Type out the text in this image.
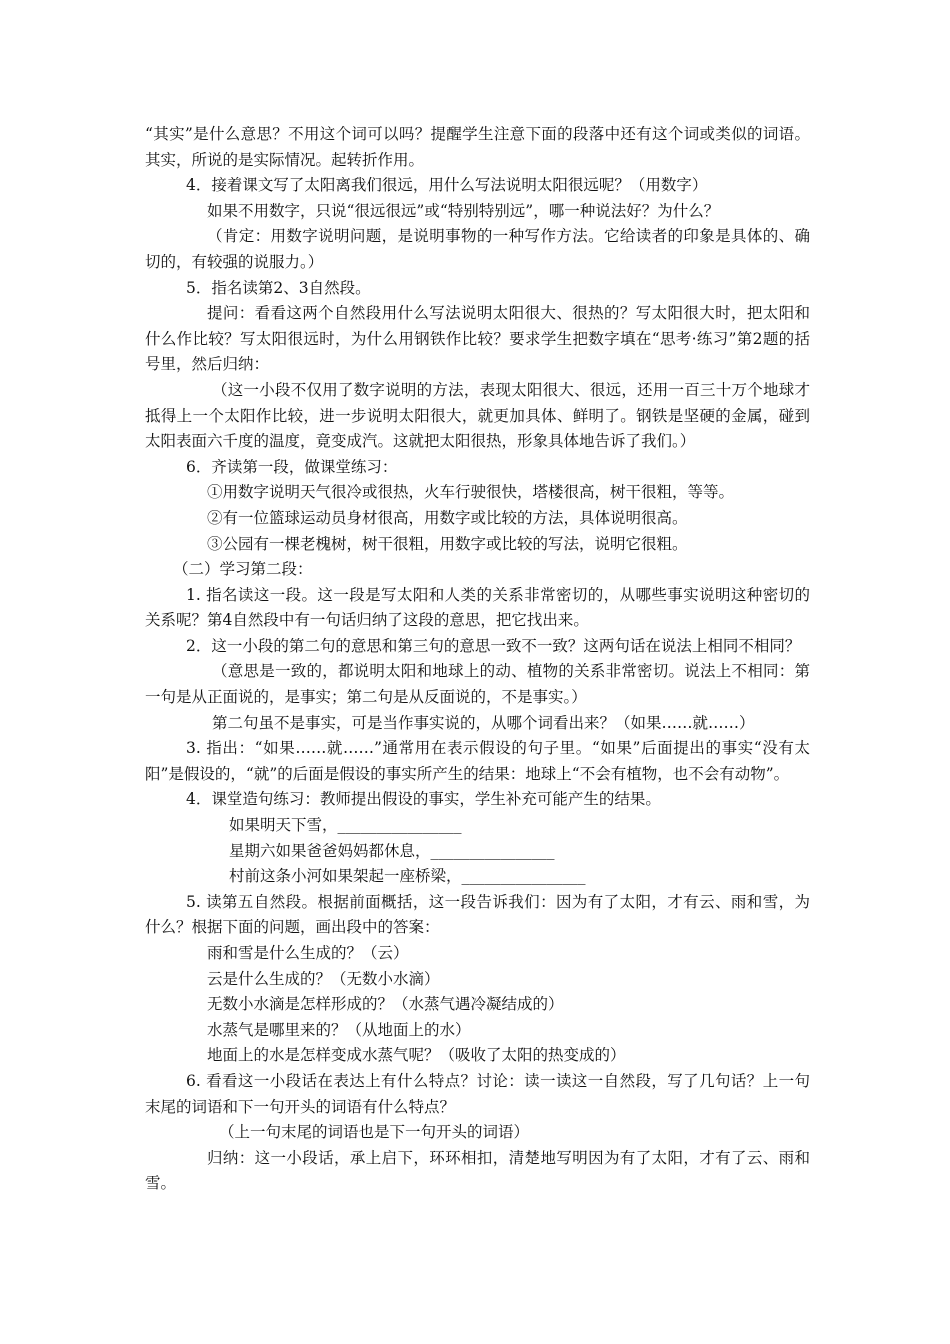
“其实”是什么意思？不用这个词可以吗？提醒学生注意下面的段落中还有这个词或类似的词语。其实，所说的是实际情况。起转折作用。

4．接着课文写了太阳离我们很远，用什么写法说明太阳很远呢？（用数字）

如果不用数字，只说“很远很远”或“特别特别远”，哪一种说法好？为什么？

（肯定：用数字说明问题，是说明事物的一种写作方法。它给读者的印象是具体的、确切的，有较强的说服力。）

5．指名读第2、3自然段。

提问：看看这两个自然段用什么写法说明太阳很大、很热的？写太阳很大时，把太阳和什么作比较？写太阳很远时，为什么用钢铁作比较？要求学生把数字填在“思考·练习”第2题的括号里，然后归纳：

（这一小段不仅用了数字说明的方法，表现太阳很大、很远，还用一百三十万个地球才抵得上一个太阳作比较，进一步说明太阳很大，就更加具体、鲜明了。钢铁是坚硬的金属，碰到太阳表面六千度的温度，竟变成汽。这就把太阳很热，形象具体地告诉了我们。）

6．齐读第一段，做课堂练习：

①用数字说明天气很冷或很热，火车行驶很快，塔楼很高，树干很粗，等等。

②有一位篮球运动员身材很高，用数字或比较的方法，具体说明很高。

③公园有一棵老槐树，树干很粗，用数字或比较的写法，说明它很粗。

（二）学习第二段：

1. 指名读这一段。这一段是写太阳和人类的关系非常密切的，从哪些事实说明这种密切的关系呢？第4自然段中有一句话归纳了这段的意思，把它找出来。

2．这一小段的第二句的意思和第三句的意思一致不一致？这两句话在说法上相同不相同？

（意思是一致的，都说明太阳和地球上的动、植物的关系非常密切。说法上不相同：第一句是从正面说的，是事实；第二句是从反面说的，不是事实。）

第二句虽不是事实，可是当作事实说的，从哪个词看出来？（如果……就……）

3. 指出：“如果……就……”通常用在表示假设的句子里。“如果”后面提出的事实“没有太阳”是假设的，“就”的后面是假设的事实所产生的结果：地球上“不会有植物，也不会有动物”。

4．课堂造句练习：教师提出假设的事实，学生补充可能产生的结果。

如果明天下雪，________________

星期六如果爸爸妈妈都休息，________________

村前这条小河如果架起一座桥梁，________________

5. 读第五自然段。根据前面概括，这一段告诉我们：因为有了太阳，才有云、雨和雪，为什么？根据下面的问题，画出段中的答案：

雨和雪是什么生成的？（云）

云是什么生成的？（无数小水滴）

无数小水滴是怎样形成的？（水蒸气遇冷凝结成的）

水蒸气是哪里来的？（从地面上的水）

地面上的水是怎样变成水蒸气呢？（吸收了太阳的热变成的）

6. 看看这一小段话在表达上有什么特点？讨论：读一读这一自然段，写了几句话？上一句末尾的词语和下一句开头的词语有什么特点？

（上一句末尾的词语也是下一句开头的词语）

归纳：这一小段话，承上启下，环环相扣，清楚地写明因为有了太阳，才有了云、雨和雪。
